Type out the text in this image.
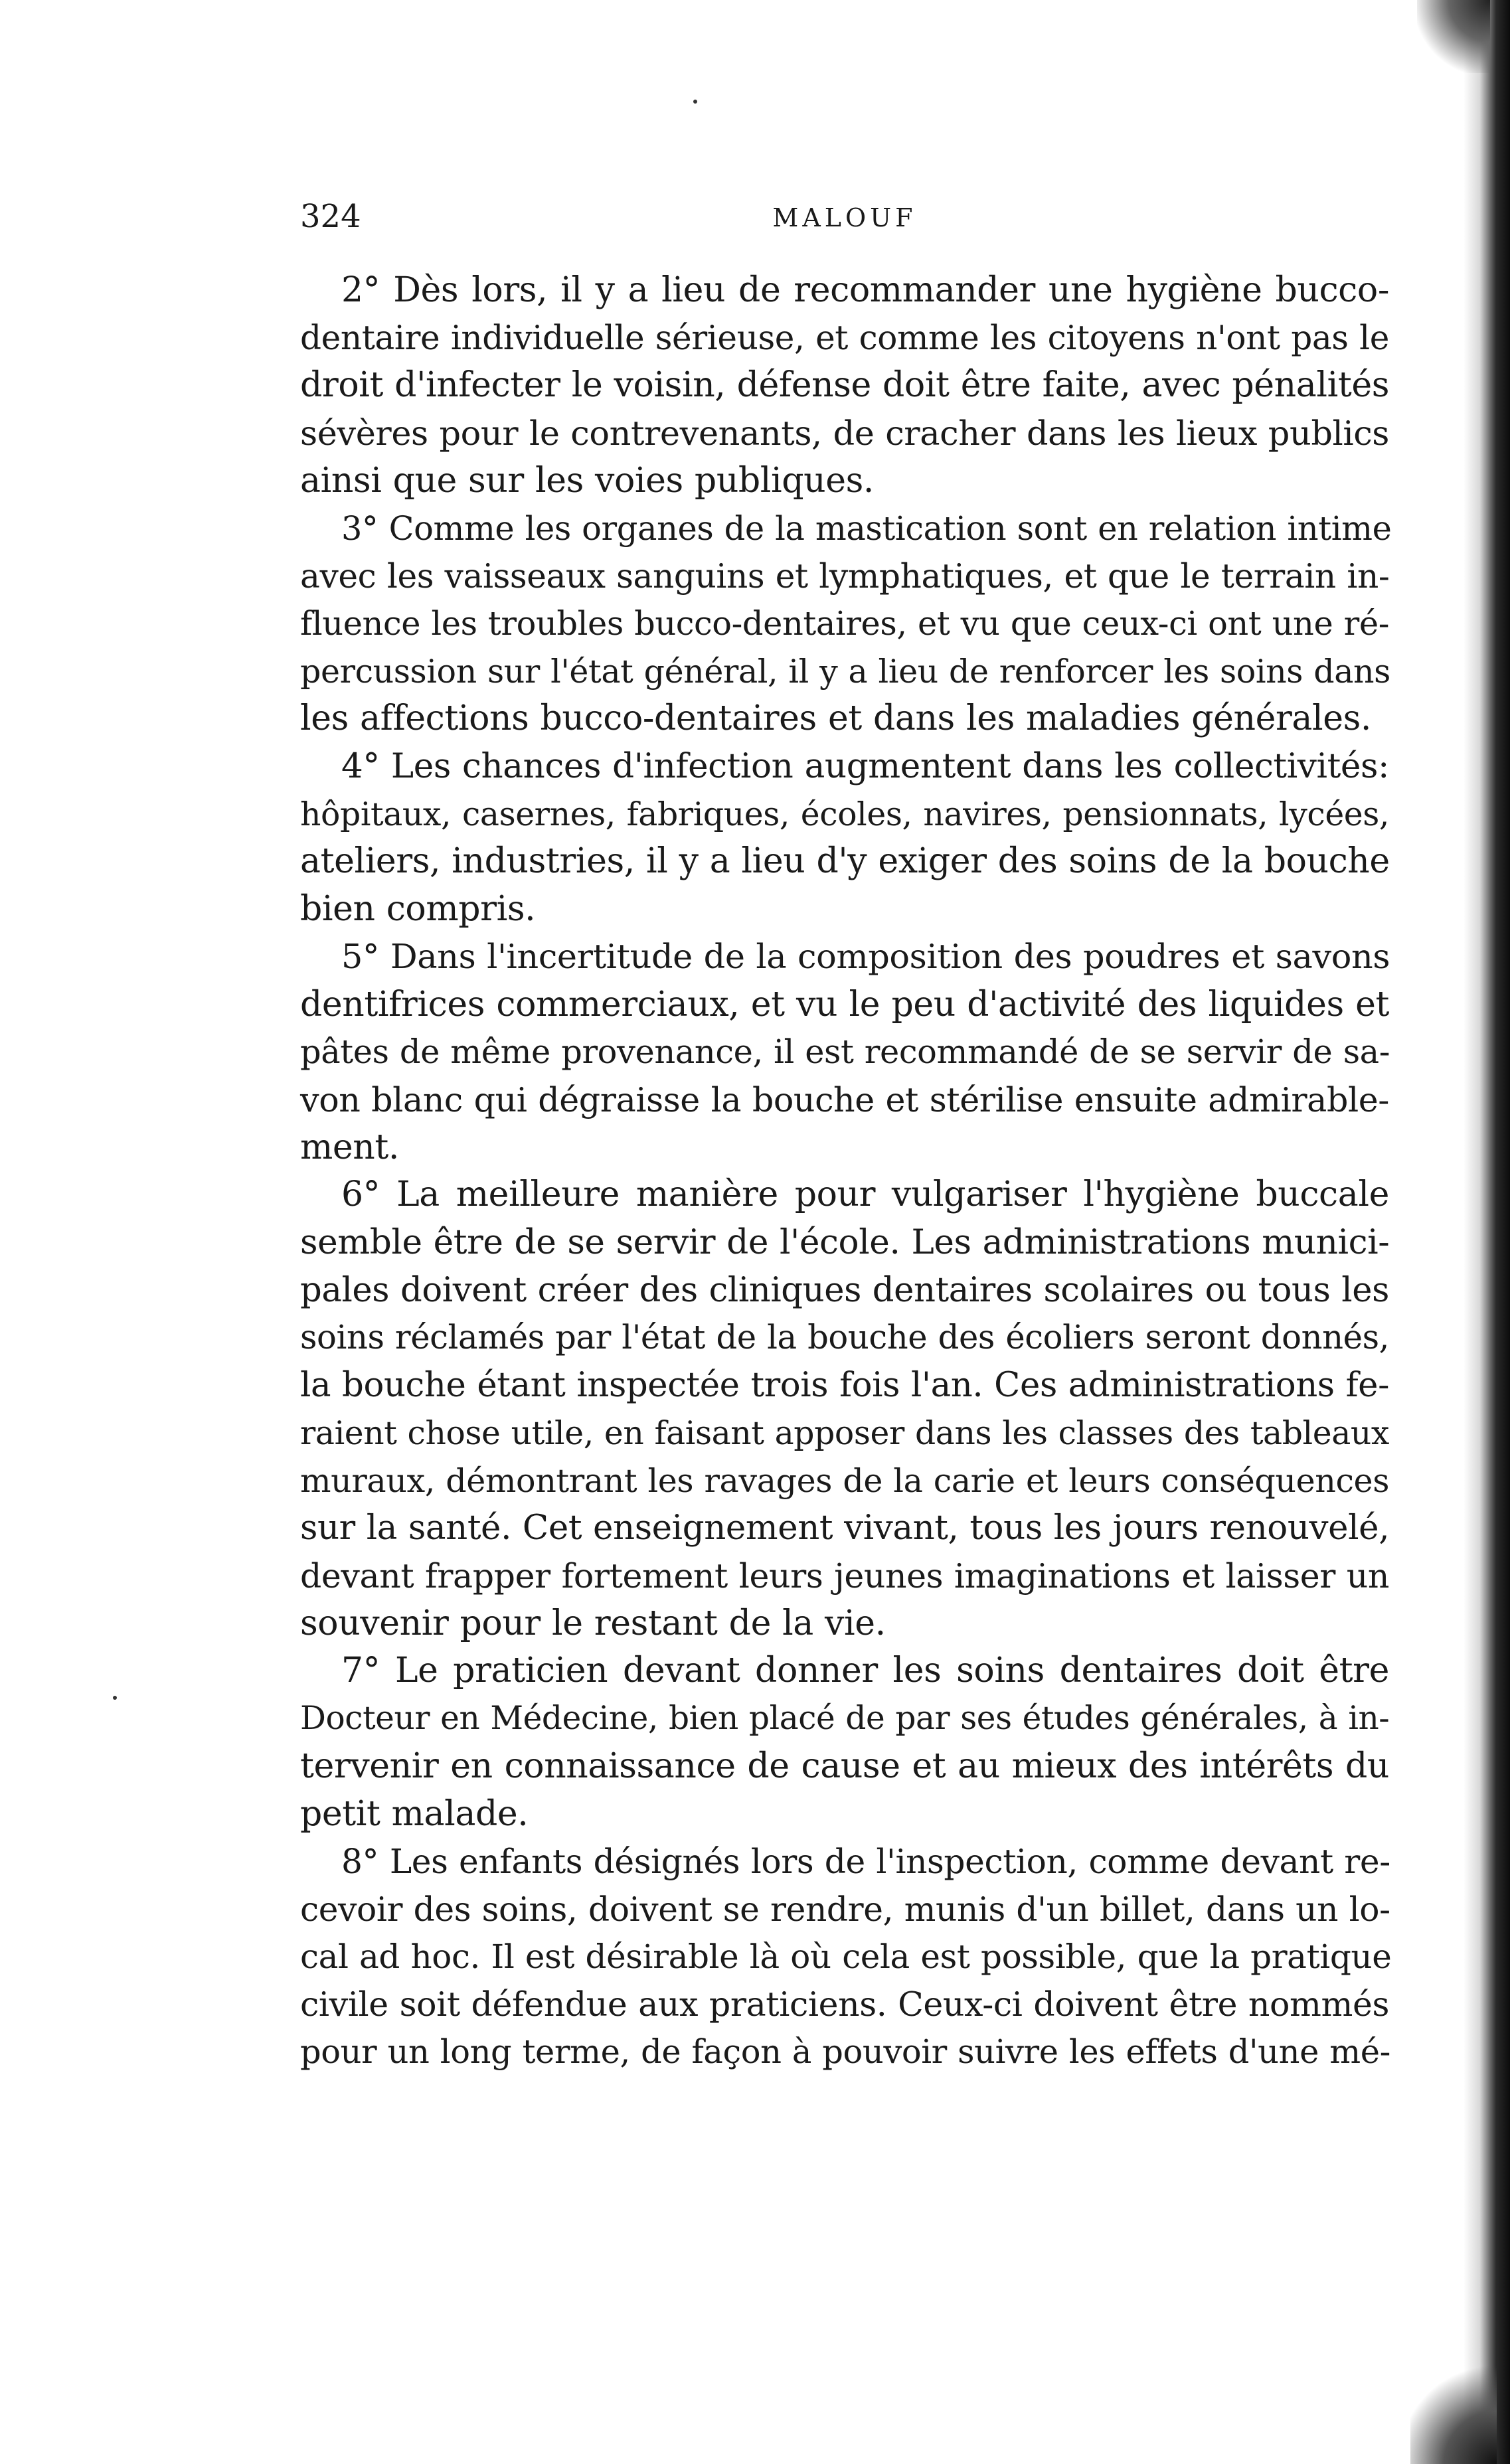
324	MALOUF

2° Dès lors, il y a lieu de recommander une hygiène bucco-
dentaire individuelle sérieuse, et comme les citoyens n'ont pas le
droit d'infecter le voisin, défense doit être faite, avec pénalités
sévères pour le contrevenants, de cracher dans les lieux publics
ainsi que sur les voies publiques.

3° Comme les organes de la mastication sont en relation intime
avec les vaisseaux sanguins et lymphatiques, et que le terrain in-
fluence les troubles bucco-dentaires, et vu que ceux-ci ont une ré-
percussion sur l'état général, il y a lieu de renforcer les soins dans
les affections bucco-dentaires et dans les maladies générales.

4° Les chances d'infection augmentent dans les collectivités:
hôpitaux, casernes, fabriques, écoles, navires, pensionnats, lycées,
ateliers, industries, il y a lieu d'y exiger des soins de la bouche
bien compris.

5° Dans l'incertitude de la composition des poudres et savons
dentifrices commerciaux, et vu le peu d'activité des liquides et
pâtes de même provenance, il est recommandé de se servir de sa-
von blanc qui dégraisse la bouche et stérilise ensuite admirable-
ment.

6° La meilleure manière pour vulgariser l'hygiène buccale
semble être de se servir de l'école. Les administrations munici-
pales doivent créer des cliniques dentaires scolaires ou tous les
soins réclamés par l'état de la bouche des écoliers seront donnés,
la bouche étant inspectée trois fois l'an. Ces administrations fe-
raient chose utile, en faisant apposer dans les classes des tableaux
muraux, démontrant les ravages de la carie et leurs conséquences
sur la santé. Cet enseignement vivant, tous les jours renouvelé,
devant frapper fortement leurs jeunes imaginations et laisser un
souvenir pour le restant de la vie.

7° Le praticien devant donner les soins dentaires doit être
Docteur en Médecine, bien placé de par ses études générales, à in-
tervenir en connaissance de cause et au mieux des intérêts du
petit malade.

8° Les enfants désignés lors de l'inspection, comme devant re-
cevoir des soins, doivent se rendre, munis d'un billet, dans un lo-
cal ad hoc. Il est désirable là où cela est possible, que la pratique
civile soit défendue aux praticiens. Ceux-ci doivent être nommés
pour un long terme, de façon à pouvoir suivre les effets d'une mé-
